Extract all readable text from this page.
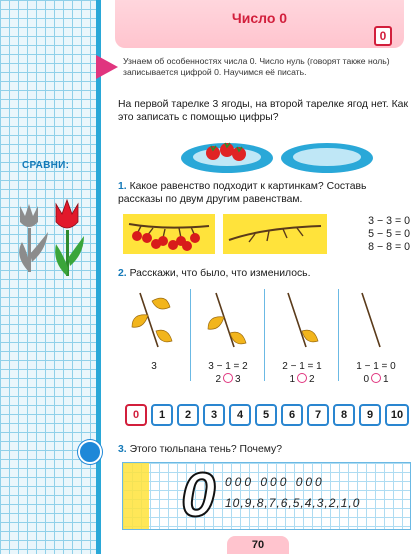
СРАВНИ:
Число 0
0
Узнаем об особенностях числа 0. Число нуль (говорят также ноль) записывается цифрой 0. Научимся её писать.
На первой тарелке 3 ягоды, на второй тарелке ягод нет. Как это записать с помощью цифры?
1. Какое равенство подходит к картинкам? Составь рассказы по двум другим равенствам.
3 − 3 = 0
5 − 5 = 0
8 − 8 = 0
2. Расскажи, что было, что изменилось.
3	3 − 1 = 2
2 3
2 − 1 = 1
1 2
1 − 1 = 0
0 1
0	1	2	3	4	5	6	7	8	9	10
3. Этого тюльпана тень? Почему?
0 000 000 000
10,9,8,7,6,5,4,3,2,1,0
70
